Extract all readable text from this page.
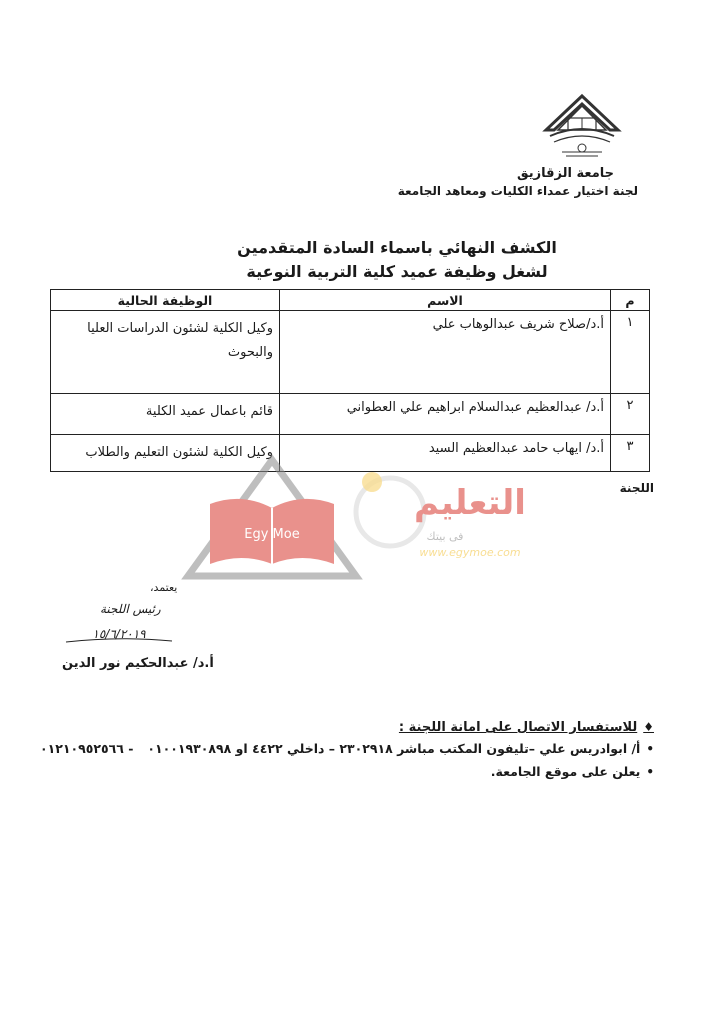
جامعة الزقازيق
لجنة اختيار عمداء الكليات ومعاهد الجامعة
الكشف النهائي باسماء السادة المتقدمين
لشغل وظيفة عميد كلية التربية النوعية
م	الاسم	الوظيفة الحالية
١	أ.د/صلاح شريف عبدالوهاب علي	وكيل الكلية لشئون الدراسات العليا والبحوث
٢	أ.د/ عبدالعظيم عبدالسلام ابراهيم علي العطواني	قائم باعمال عميد الكلية
٣	أ.د/ ايهاب حامد عبدالعظيم السيد	وكيل الكلية لشئون التعليم والطلاب
اللجنة
Egy Moe
التعليم
فى بيتك
www.egymoe.com
يعتمد،
رئيس اللجنة
١٥/٦/٢٠١٩
أ.د/ عبدالحكيم نور الدين
♦للاستفسار الاتصال على امانة اللجنة :
•أ/ ابوادريس علي –تليفون المكتب مباشر ٢٣٠٢٩١٨ – داخلي ٤٤٢٢ او ٠١٠٠١٩٣٠٨٩٨
- ٠١٢١٠٩٥٢٥٦٦
•يعلن على موقع الجامعة.
